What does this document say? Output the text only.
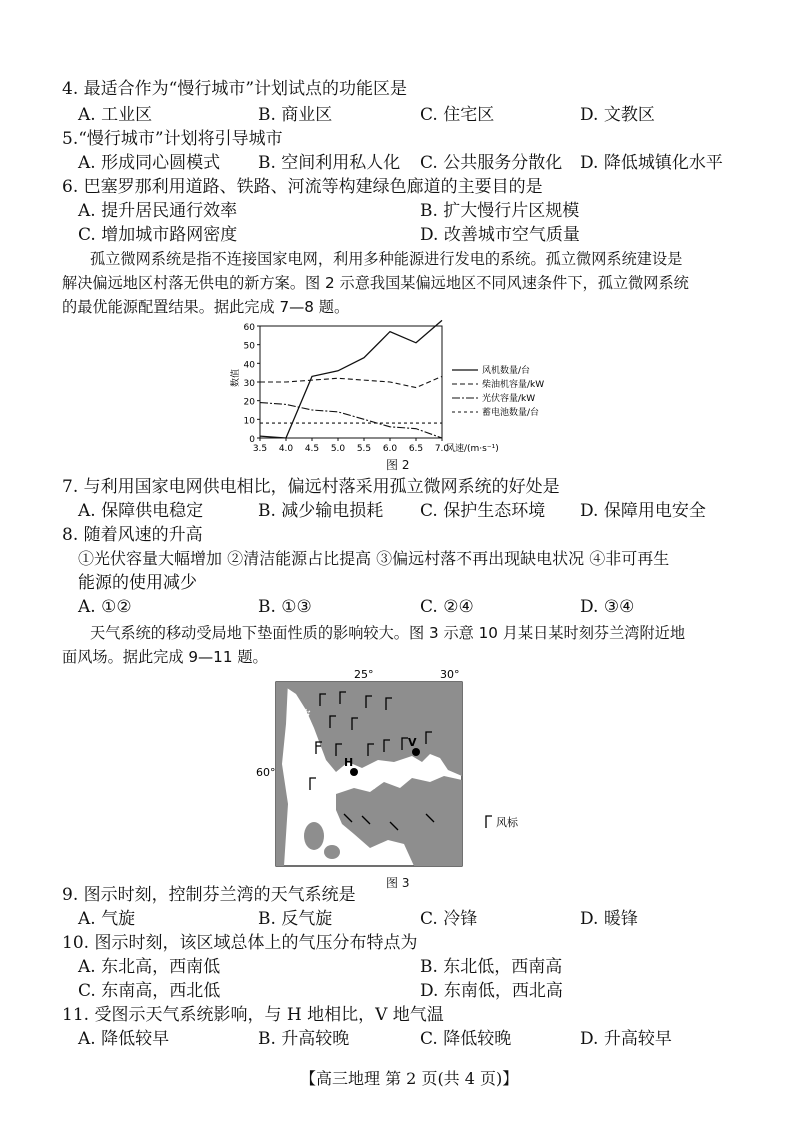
4. 最适合作为“慢行城市”计划试点的功能区是
A. 工业区	B. 商业区	C. 住宅区	D. 文教区
5.“慢行城市”计划将引导城市
A. 形成同心圆模式 B. 空间利用私人化 C. 公共服务分散化 D. 降低城镇化水平
6. 巴塞罗那利用道路、铁路、河流等构建绿色廊道的主要目的是
A. 提升居民通行效率	B. 扩大慢行片区规模
C. 增加城市路网密度	D. 改善城市空气质量
孤立微网系统是指不连接国家电网，利用多种能源进行发电的系统。孤立微网系统建设是
解决偏远地区村落无供电的新方案。图 2 示意我国某偏远地区不同风速条件下，孤立微网系统
的最优能源配置结果。据此完成 7—8 题。
0
10
20
30
40
50
60
3.5 4.0 4.5 5.0 5.5 6.0 6.5 7.0
数值
风速/(m·s⁻¹)
风机数量/台
柴油机容量/kW
光伏容量/kW
蓄电池数量/台
图 2
7. 与利用国家电网供电相比，偏远村落采用孤立微网系统的好处是
A. 保障供电稳定	B. 减少输电损耗 C. 保护生态环境 D. 保障用电安全
8. 随着风速的升高
①光伏容量大幅增加 ②清洁能源占比提高 ③偏远村落不再出现缺电状况 ④非可再生
能源的使用减少
A. ①②	B. ①③	C. ②④	D. ③④
天气系统的移动受局地下垫面性质的影响较大。图 3 示意 10 月某日某时刻芬兰湾附近地
面风场。据此完成 9—11 题。
25°	30°
60°
波
罗
的
海	芬
兰 湾
H
V
风标
图 3
9. 图示时刻，控制芬兰湾的天气系统是
A. 气旋	B. 反气旋	C. 冷锋	D. 暖锋
10. 图示时刻，该区域总体上的气压分布特点为
A. 东北高，西南低	B. 东北低，西南高
C. 东南高，西北低	D. 东南低，西北高
11. 受图示天气系统影响，与 H 地相比，V 地气温
A. 降低较早	B. 升高较晚	C. 降低较晚	D. 升高较早
【高三地理 第 2 页(共 4 页)】
